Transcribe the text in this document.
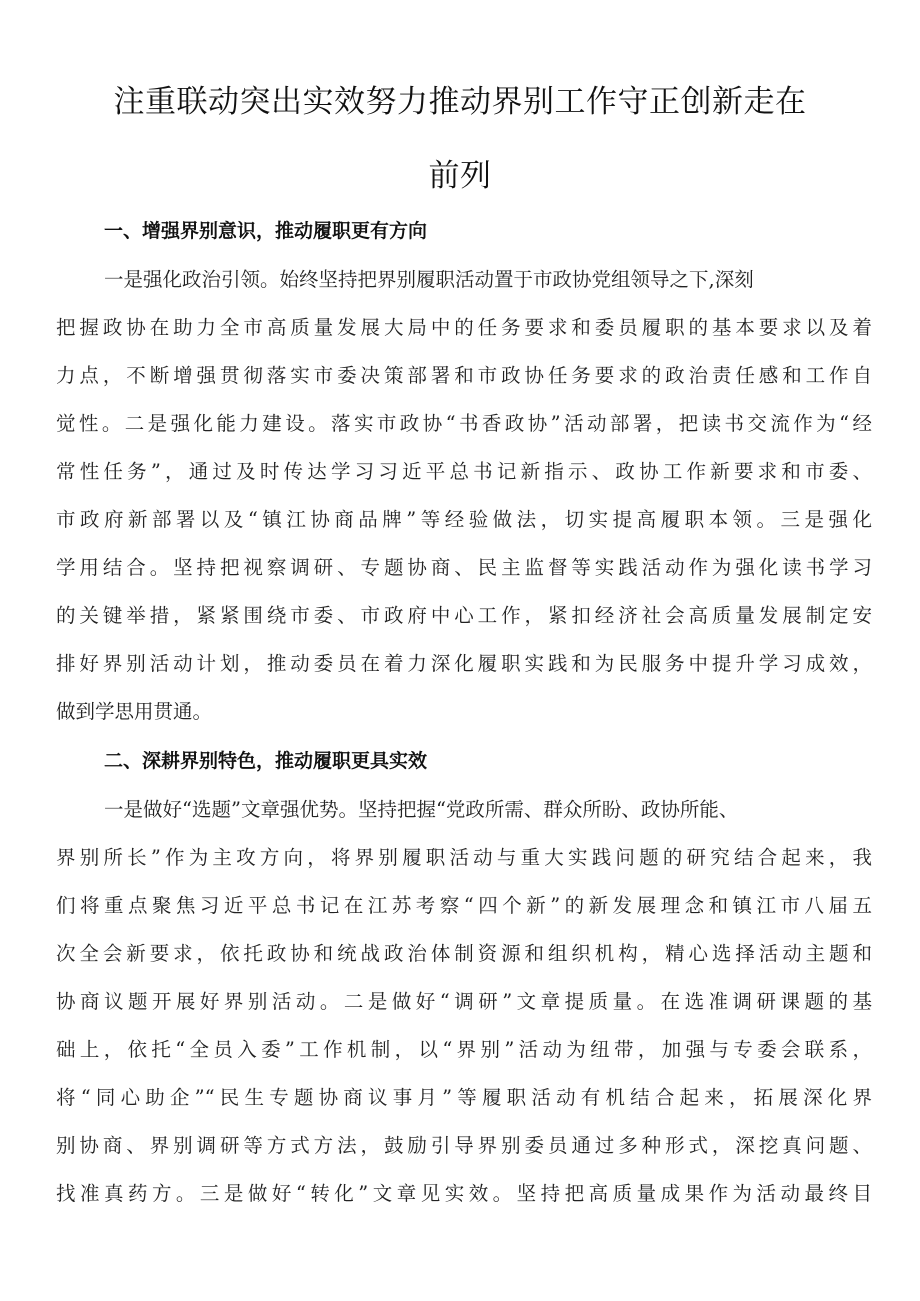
注重联动突出实效努力推动界别工作守正创新走在
前列
一、增强界别意识，推动履职更有方向
一是强化政治引领。始终坚持把界别履职活动置于市政协党组领导之下,深刻
把握政协在助力全市高质量发展大局中的任务要求和委员履职的基本要求以及着
力点，不断增强贯彻落实市委决策部署和市政协任务要求的政治责任感和工作自
觉性。二是强化能力建设。落实市政协“书香政协”活动部署，把读书交流作为“经
常性任务”，通过及时传达学习习近平总书记新指示、政协工作新要求和市委、
市政府新部署以及“镇江协商品牌”等经验做法，切实提高履职本领。三是强化
学用结合。坚持把视察调研、专题协商、民主监督等实践活动作为强化读书学习
的关键举措，紧紧围绕市委、市政府中心工作，紧扣经济社会高质量发展制定安
排好界别活动计划，推动委员在着力深化履职实践和为民服务中提升学习成效，
做到学思用贯通。
二、深耕界别特色，推动履职更具实效
一是做好“选题”文章强优势。坚持把握“党政所需、群众所盼、政协所能、
界别所长”作为主攻方向，将界别履职活动与重大实践问题的研究结合起来，我
们将重点聚焦习近平总书记在江苏考察“四个新”的新发展理念和镇江市八届五
次全会新要求，依托政协和统战政治体制资源和组织机构，精心选择活动主题和
协商议题开展好界别活动。二是做好“调研”文章提质量。在选准调研课题的基
础上，依托“全员入委”工作机制，以“界别”活动为纽带，加强与专委会联系，
将“同心助企”“民生专题协商议事月”等履职活动有机结合起来，拓展深化界
别协商、界别调研等方式方法，鼓励引导界别委员通过多种形式，深挖真问题、
找准真药方。三是做好“转化”文章见实效。坚持把高质量成果作为活动最终目
